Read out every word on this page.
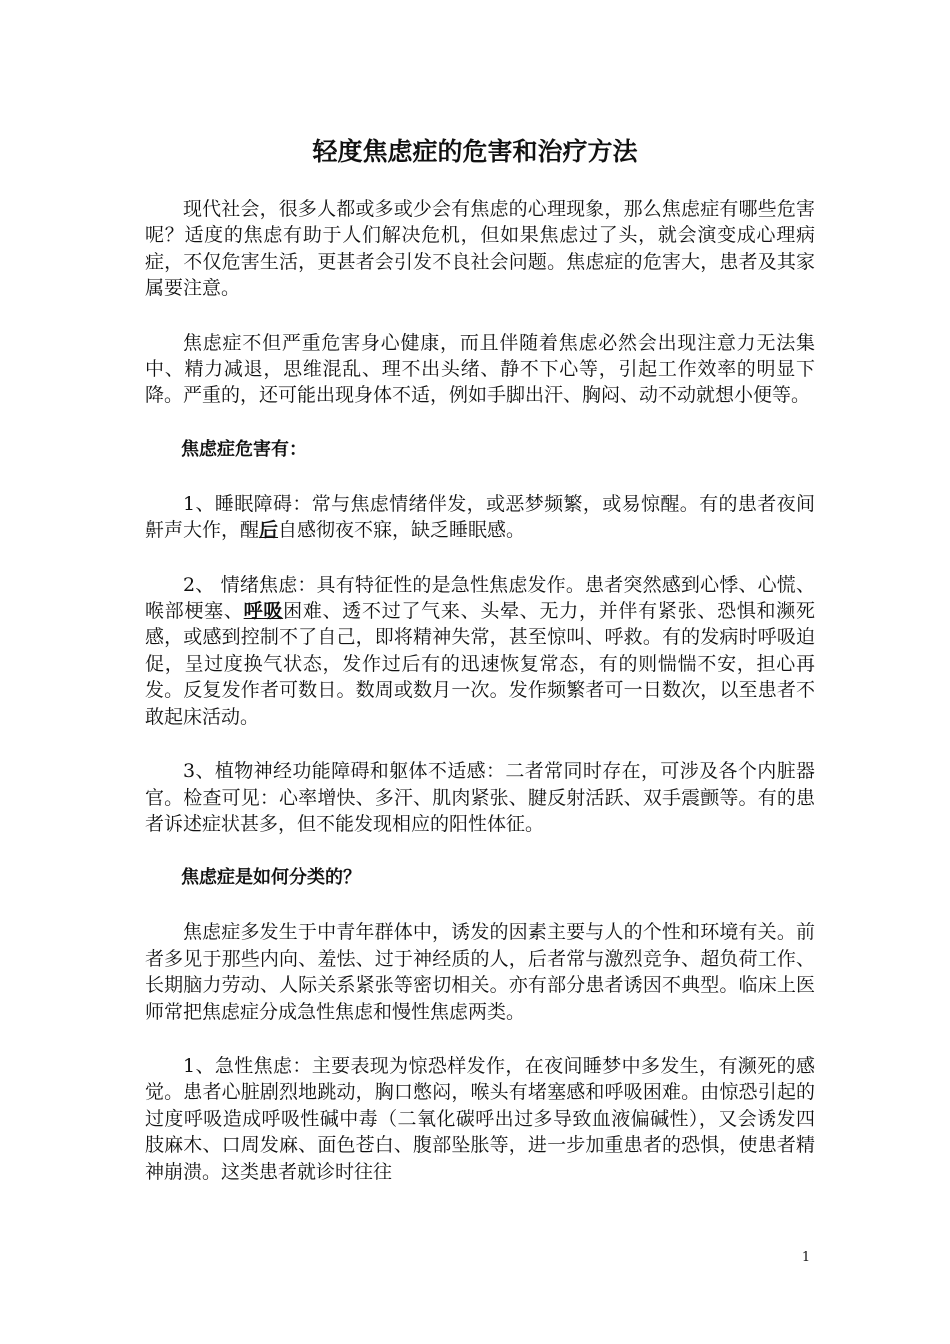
轻度焦虑症的危害和治疗方法

现代社会，很多人都或多或少会有焦虑的心理现象，那么焦虑症有哪些危害呢？适度的焦虑有助于人们解决危机，但如果焦虑过了头，就会演变成心理病症，不仅危害生活，更甚者会引发不良社会问题。焦虑症的危害大，患者及其家属要注意。

焦虑症不但严重危害身心健康，而且伴随着焦虑必然会出现注意力无法集中、精力减退，思维混乱、理不出头绪、静不下心等，引起工作效率的明显下降。严重的，还可能出现身体不适，例如手脚出汗、胸闷、动不动就想小便等。

焦虑症危害有：

1、睡眠障碍：常与焦虑情绪伴发，或恶梦频繁，或易惊醒。有的患者夜间鼾声大作，醒后自感彻夜不寐，缺乏睡眠感。

2、 情绪焦虑：具有特征性的是急性焦虑发作。患者突然感到心悸、心慌、喉部梗塞、呼吸困难、透不过了气来、头晕、无力，并伴有紧张、恐惧和濒死感，或感到控制不了自己，即将精神失常，甚至惊叫、呼救。有的发病时呼吸迫促，呈过度换气状态，发作过后有的迅速恢复常态，有的则惴惴不安，担心再发。反复发作者可数日。数周或数月一次。发作频繁者可一日数次，以至患者不敢起床活动。

3、植物神经功能障碍和躯体不适感：二者常同时存在，可涉及各个内脏器官。检查可见：心率增快、多汗、肌肉紧张、腱反射活跃、双手震颤等。有的患者诉述症状甚多，但不能发现相应的阳性体征。

焦虑症是如何分类的？

焦虑症多发生于中青年群体中，诱发的因素主要与人的个性和环境有关。前者多见于那些内向、羞怯、过于神经质的人，后者常与激烈竞争、超负荷工作、长期脑力劳动、人际关系紧张等密切相关。亦有部分患者诱因不典型。临床上医师常把焦虑症分成急性焦虑和慢性焦虑两类。

1、急性焦虑：主要表现为惊恐样发作，在夜间睡梦中多发生，有濒死的感觉。患者心脏剧烈地跳动，胸口憋闷，喉头有堵塞感和呼吸困难。由惊恐引起的过度呼吸造成呼吸性碱中毒（二氧化碳呼出过多导致血液偏碱性），又会诱发四肢麻木、口周发麻、面色苍白、腹部坠胀等，进一步加重患者的恐惧，使患者精神崩溃。这类患者就诊时往往

1
